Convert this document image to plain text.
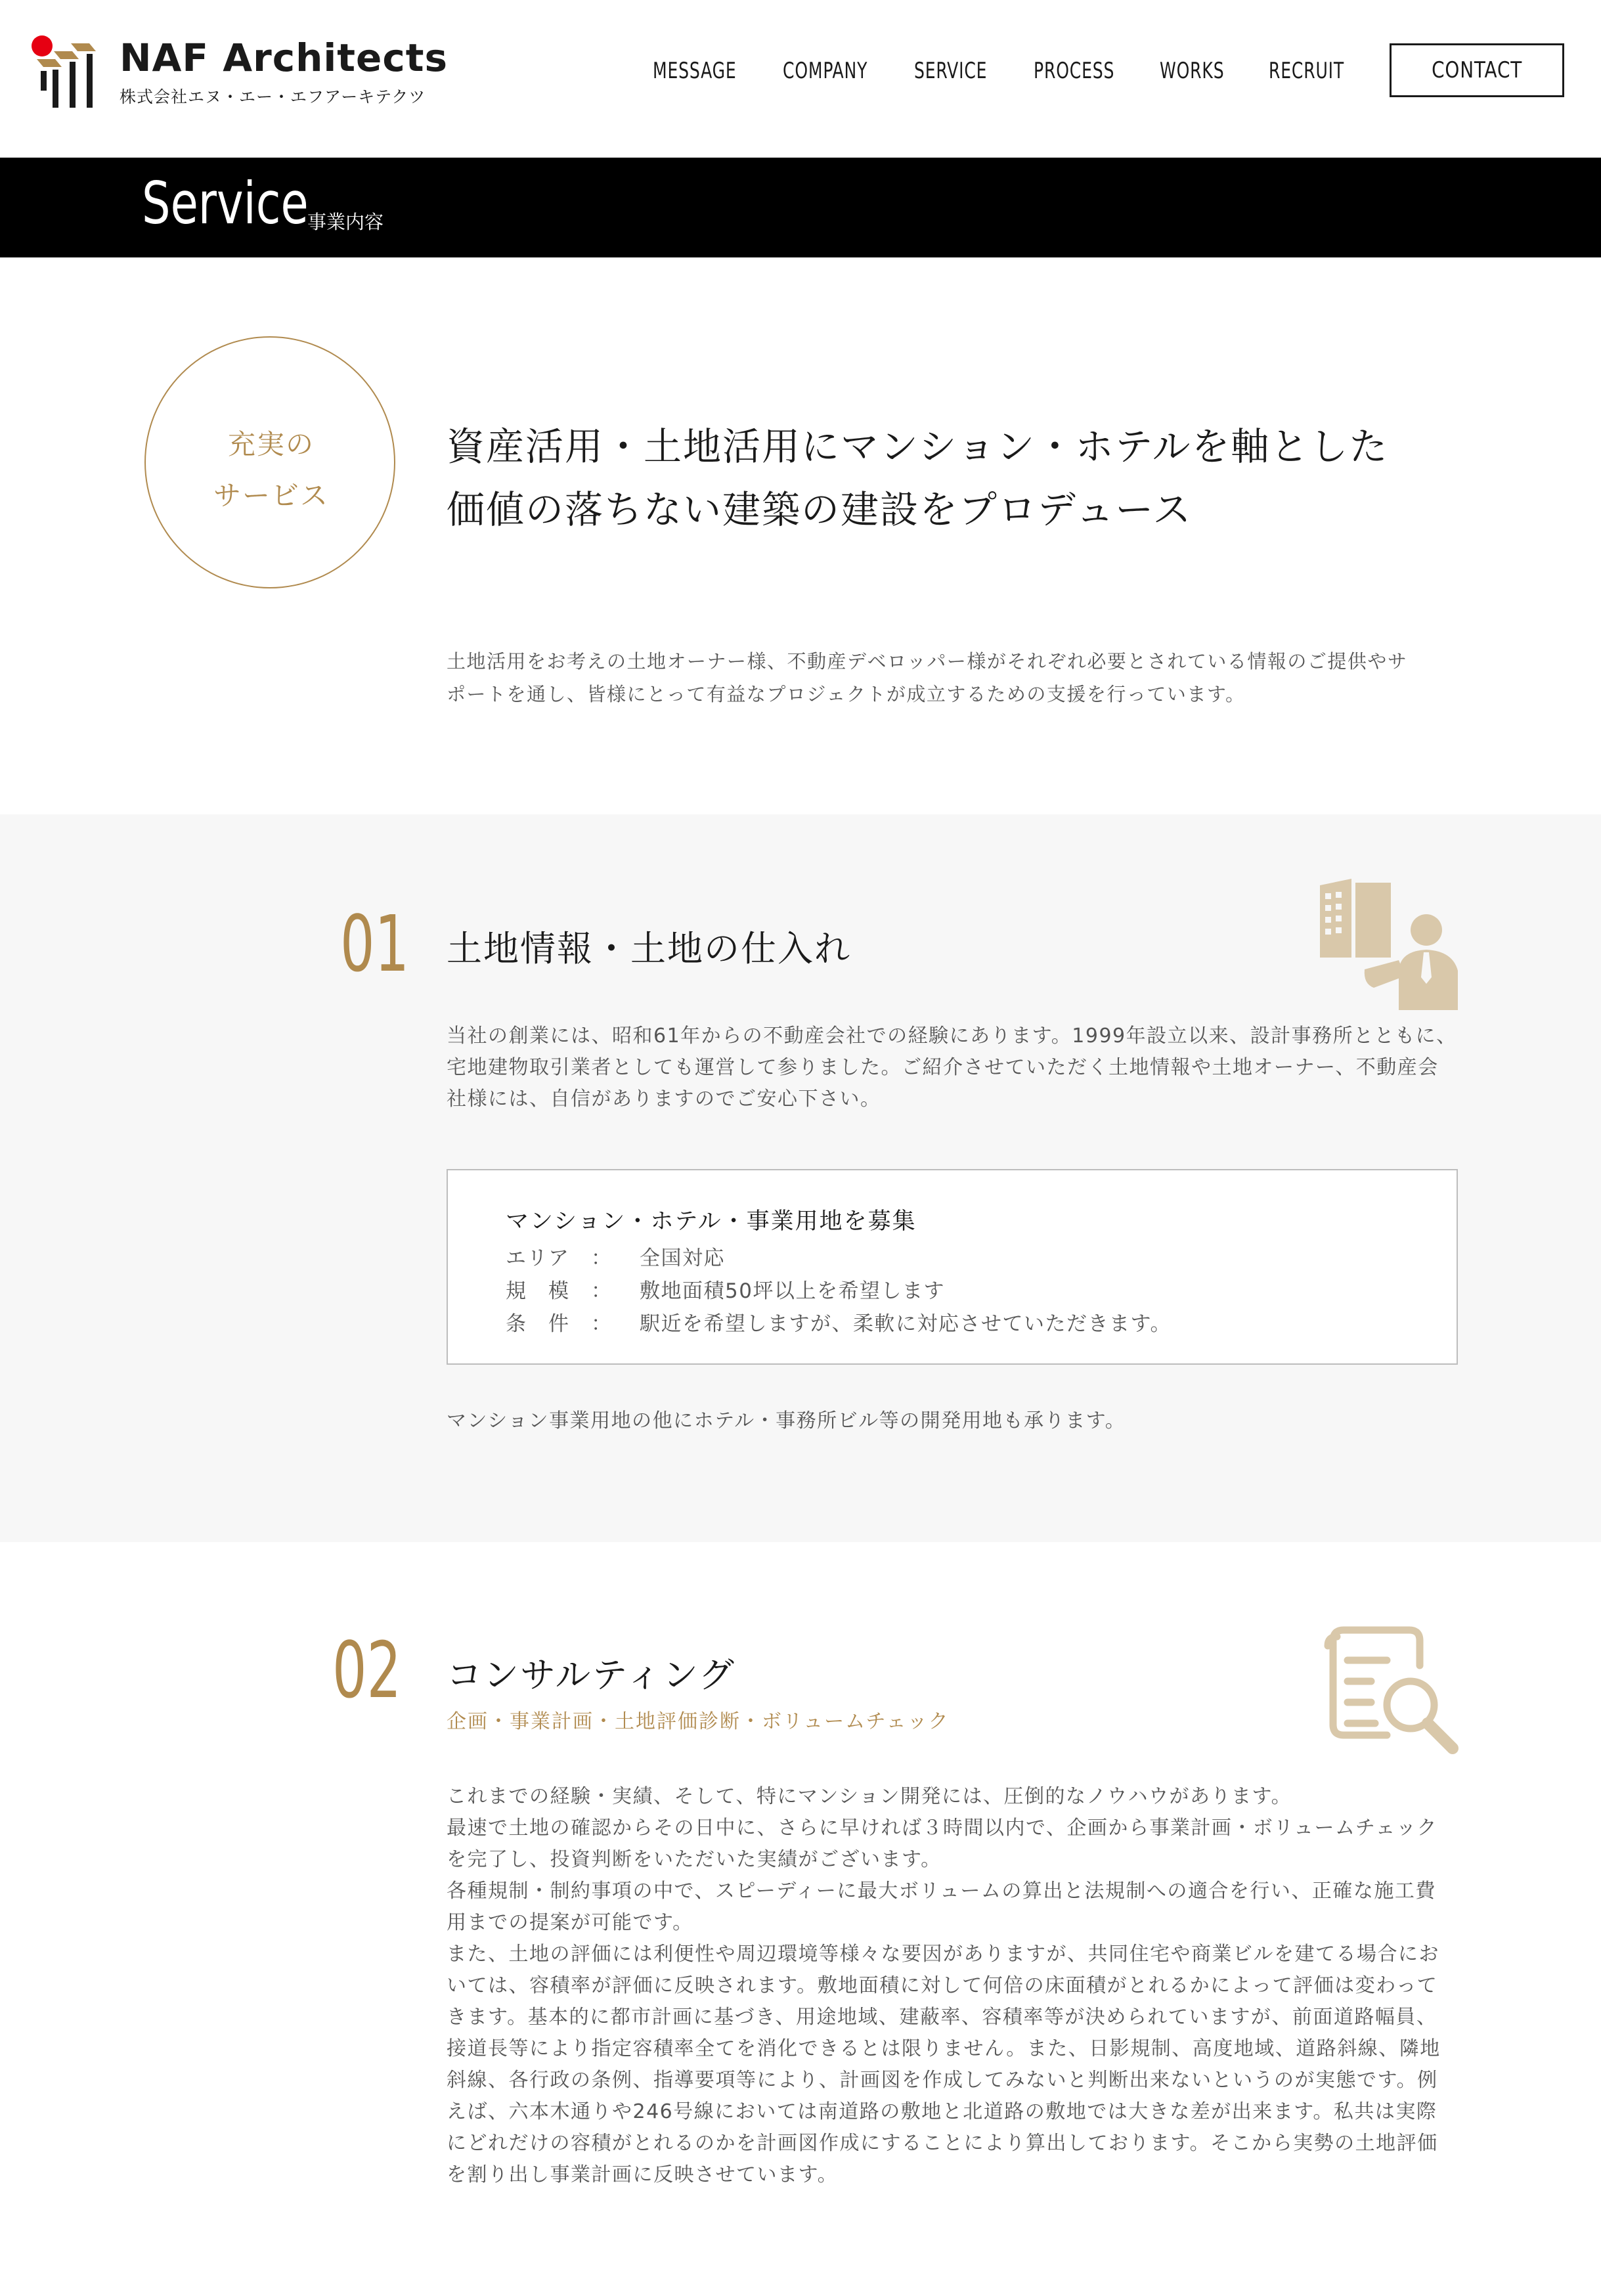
NAF Architects
株式会社エヌ・エー・エフアーキテクツ
MESSAGE COMPANY SERVICE PROCESS WORKS RECRUIT	CONTACT
Service
事業内容
充実の
サービス
資産活用・土地活用にマンション・ホテルを軸とした
価値の落ちない建築の建設をプロデュース
土地活用をお考えの土地オーナー様、不動産デベロッパー様がそれぞれ必要とされている情報のご提供やサ
ポートを通し、皆様にとって有益なプロジェクトが成立するための支援を行っています。
01 土地情報・土地の仕入れ
当社の創業には、昭和61年からの不動産会社での経験にあります。1999年設立以来、設計事務所とともに、
宅地建物取引業者としても運営して参りました。ご紹介させていただく土地情報や土地オーナー、不動産会
社様には、自信がありますのでご安心下さい。
マンション・ホテル・事業用地を募集
エリア	： 全国対応
規　模	： 敷地面積50坪以上を希望します
条　件	： 駅近を希望しますが、柔軟に対応させていただきます。
マンション事業用地の他にホテル・事務所ビル等の開発用地も承ります。
02 コンサルティング
企画・事業計画・土地評価診断・ボリュームチェック
これまでの経験・実績、そして、特にマンション開発には、圧倒的なノウハウがあります。
最速で土地の確認からその日中に、さらに早ければ３時間以内で、企画から事業計画・ボリュームチェック
を完了し、投資判断をいただいた実績がございます。
各種規制・制約事項の中で、スピーディーに最大ボリュームの算出と法規制への適合を行い、正確な施工費
用までの提案が可能です。
また、土地の評価には利便性や周辺環境等様々な要因がありますが、共同住宅や商業ビルを建てる場合にお
いては、容積率が評価に反映されます。敷地面積に対して何倍の床面積がとれるかによって評価は変わって
きます。基本的に都市計画に基づき、用途地域、建蔽率、容積率等が決められていますが、前面道路幅員、
接道長等により指定容積率全てを消化できるとは限りません。また、日影規制、高度地域、道路斜線、隣地
斜線、各行政の条例、指導要項等により、計画図を作成してみないと判断出来ないというのが実態です。例
えば、六本木通りや246号線においては南道路の敷地と北道路の敷地では大きな差が出来ます。私共は実際
にどれだけの容積がとれるのかを計画図作成にすることにより算出しております。そこから実勢の土地評価
を割り出し事業計画に反映させています。
